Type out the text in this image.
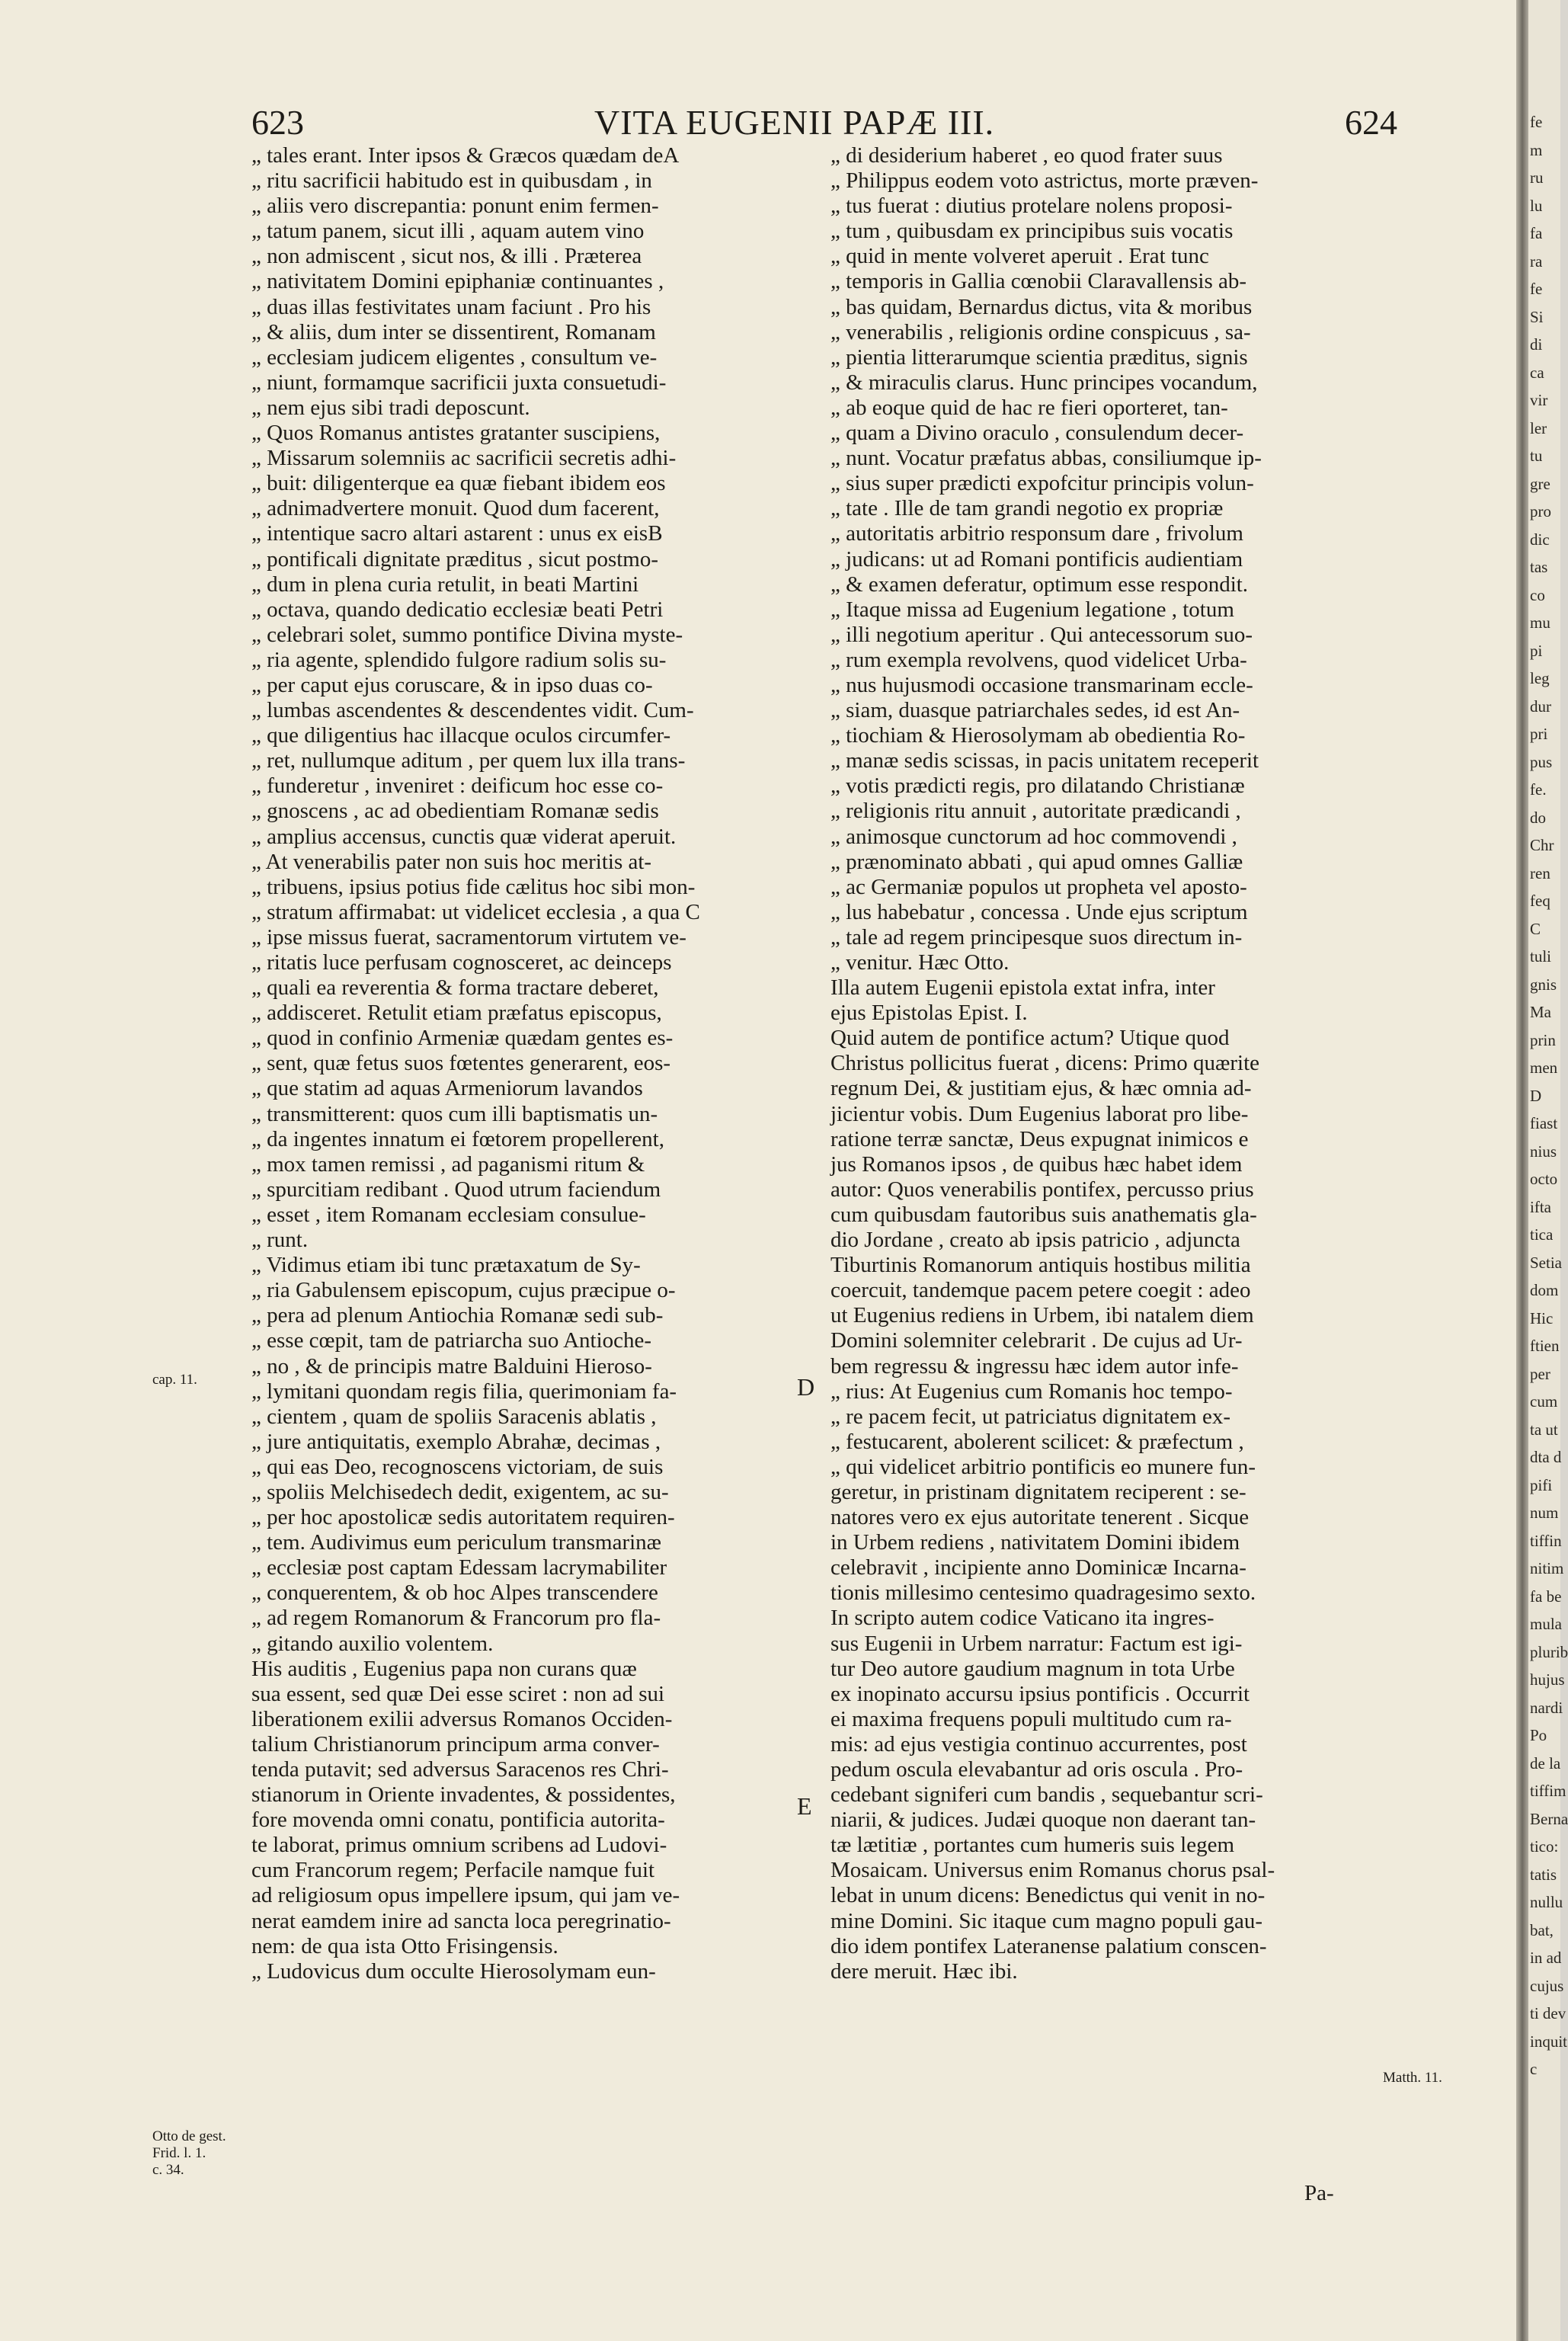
623	VITA EUGENII PAPÆ III.	624
„ tales erant. Inter ipsos & Græcos quædam deA
„ ritu sacrificii habitudo est in quibusdam , in
„ aliis vero discrepantia: ponunt enim fermen-
„ tatum panem, sicut illi , aquam autem vino
„ non admiscent , sicut nos, & illi . Præterea
„ nativitatem Domini epiphaniæ continuantes ,
„ duas illas festivitates unam faciunt . Pro his
„ & aliis, dum inter se dissentirent, Romanam
„ ecclesiam judicem eligentes , consultum ve-
„ niunt, formamque sacrificii juxta consuetudi-
„ nem ejus sibi tradi deposcunt.
„ Quos Romanus antistes gratanter suscipiens,
„ Missarum solemniis ac sacrificii secretis adhi-
„ buit: diligenterque ea quæ fiebant ibidem eos
„ adnimadvertere monuit. Quod dum facerent,
„ intentique sacro altari astarent : unus ex eisB
„ pontificali dignitate præditus , sicut postmo-
„ dum in plena curia retulit, in beati Martini
„ octava, quando dedicatio ecclesiæ beati Petri
„ celebrari solet, summo pontifice Divina myste-
„ ria agente, splendido fulgore radium solis su-
„ per caput ejus coruscare, & in ipso duas co-
„ lumbas ascendentes & descendentes vidit. Cum-
„ que diligentius hac illacque oculos circumfer-
„ ret, nullumque aditum , per quem lux illa trans-
„ funderetur , inveniret : deificum hoc esse co-
„ gnoscens , ac ad obedientiam Romanæ sedis
„ amplius accensus, cunctis quæ viderat aperuit.
„ At venerabilis pater non suis hoc meritis at-
„ tribuens, ipsius potius fide cælitus hoc sibi mon-
„ stratum affirmabat: ut videlicet ecclesia , a qua C
„ ipse missus fuerat, sacramentorum virtutem ve-
„ ritatis luce perfusam cognosceret, ac deinceps
„ quali ea reverentia & forma tractare deberet,
„ addisceret. Retulit etiam præfatus episcopus,
„ quod in confinio Armeniæ quædam gentes es-
„ sent, quæ fetus suos fœtentes generarent, eos-
„ que statim ad aquas Armeniorum lavandos
„ transmitterent: quos cum illi baptismatis un-
„ da ingentes innatum ei fœtorem propellerent,
„ mox tamen remissi , ad paganismi ritum &
„ spurcitiam redibant . Quod utrum faciendum
„ esset , item Romanam ecclesiam consulue-
„ runt.
„ Vidimus etiam ibi tunc prætaxatum de Sy-
„ ria Gabulensem episcopum, cujus præcipue o-
„ pera ad plenum Antiochia Romanæ sedi sub-
„ esse cœpit, tam de patriarcha suo Antioche-
„ no , & de principis matre Balduini Hieroso-
„ lymitani quondam regis filia, querimoniam fa-
„ cientem , quam de spoliis Saracenis ablatis ,
„ jure antiquitatis, exemplo Abrahæ, decimas ,
„ qui eas Deo, recognoscens victoriam, de suis
„ spoliis Melchisedech dedit, exigentem, ac su-
„ per hoc apostolicæ sedis autoritatem requiren-
„ tem. Audivimus eum periculum transmarinæ
„ ecclesiæ post captam Edessam lacrymabiliter
„ conquerentem, & ob hoc Alpes transcendere
„ ad regem Romanorum & Francorum pro fla-
„ gitando auxilio volentem.
His auditis , Eugenius papa non curans quæ
sua essent, sed quæ Dei esse sciret : non ad sui
liberationem exilii adversus Romanos Occiden-
talium Christianorum principum arma conver-
tenda putavit; sed adversus Saracenos res Chri-
stianorum in Oriente invadentes, & possidentes,
fore movenda omni conatu, pontificia autorita-
te laborat, primus omnium scribens ad Ludovi-
cum Francorum regem; Perfacile namque fuit
ad religiosum opus impellere ipsum, qui jam ve-
nerat eamdem inire ad sancta loca peregrinatio-
nem: de qua ista Otto Frisingensis.
„ Ludovicus dum occulte Hierosolymam eun-
„ di desiderium haberet , eo quod frater suus
„ Philippus eodem voto astrictus, morte præven-
„ tus fuerat : diutius protelare nolens proposi-
„ tum , quibusdam ex principibus suis vocatis
„ quid in mente volveret aperuit . Erat tunc
„ temporis in Gallia cœnobii Claravallensis ab-
„ bas quidam, Bernardus dictus, vita & moribus
„ venerabilis , religionis ordine conspicuus , sa-
„ pientia litterarumque scientia præditus, signis
„ & miraculis clarus. Hunc principes vocandum,
„ ab eoque quid de hac re fieri oporteret, tan-
„ quam a Divino oraculo , consulendum decer-
„ nunt. Vocatur præfatus abbas, consiliumque ip-
„ sius super prædicti expofcitur principis volun-
„ tate . Ille de tam grandi negotio ex propriæ
„ autoritatis arbitrio responsum dare , frivolum
„ judicans: ut ad Romani pontificis audientiam
„ & examen deferatur, optimum esse respondit.
„ Itaque missa ad Eugenium legatione , totum
„ illi negotium aperitur . Qui antecessorum suo-
„ rum exempla revolvens, quod videlicet Urba-
„ nus hujusmodi occasione transmarinam eccle-
„ siam, duasque patriarchales sedes, id est An-
„ tiochiam & Hierosolymam ab obedientia Ro-
„ manæ sedis scissas, in pacis unitatem receperit
„ votis prædicti regis, pro dilatando Christianæ
„ religionis ritu annuit , autoritate prædicandi ,
„ animosque cunctorum ad hoc commovendi ,
„ prænominato abbati , qui apud omnes Galliæ
„ ac Germaniæ populos ut propheta vel aposto-
„ lus habebatur , concessa . Unde ejus scriptum
„ tale ad regem principesque suos directum in-
„ venitur. Hæc Otto.
Illa autem Eugenii epistola extat infra, inter
ejus Epistolas Epist. I.
Quid autem de pontifice actum? Utique quod
Christus pollicitus fuerat , dicens: Primo quærite
regnum Dei, & justitiam ejus, & hæc omnia ad-
jicientur vobis. Dum Eugenius laborat pro libe-
ratione terræ sanctæ, Deus expugnat inimicos e
jus Romanos ipsos , de quibus hæc habet idem
autor: Quos venerabilis pontifex, percusso prius
cum quibusdam fautoribus suis anathematis gla-
dio Jordane , creato ab ipsis patricio , adjuncta
Tiburtinis Romanorum antiquis hostibus militia
coercuit, tandemque pacem petere coegit : adeo
ut Eugenius rediens in Urbem, ibi natalem diem
Domini solemniter celebrarit . De cujus ad Ur-
bem regressu & ingressu hæc idem autor infe-
„ rius: At Eugenius cum Romanis hoc tempo-
„ re pacem fecit, ut patriciatus dignitatem ex-
„ festucarent, abolerent scilicet: & præfectum ,
„ qui videlicet arbitrio pontificis eo munere fun-
geretur, in pristinam dignitatem reciperent : se-
natores vero ex ejus autoritate tenerent . Sicque
in Urbem rediens , nativitatem Domini ibidem
celebravit , incipiente anno Dominicæ Incarna-
tionis millesimo centesimo quadragesimo sexto.
In scripto autem codice Vaticano ita ingres-
sus Eugenii in Urbem narratur: Factum est igi-
tur Deo autore gaudium magnum in tota Urbe
ex inopinato accursu ipsius pontificis . Occurrit
ei maxima frequens populi multitudo cum ra-
mis: ad ejus vestigia continuo accurrentes, post
pedum oscula elevabantur ad oris oscula . Pro-
cedebant signiferi cum bandis , sequebantur scri-
niarii, & judices. Judæi quoque non daerant tan-
tæ lætitiæ , portantes cum humeris suis legem
Mosaicam. Universus enim Romanus chorus psal-
lebat in unum dicens: Benedictus qui venit in no-
mine Domini. Sic itaque cum magno populi gau-
dio idem pontifex Lateranense palatium conscen-
dere meruit. Hæc ibi.
D
E
cap. 11.
Otto de gest.
Frid. l. 1.
c. 34.
Matth. 11.
Pa-
fe
m
ru
lu
fa
ra
fe
Si
di
ca
vir
ler
tu
gre
pro
dic
tas
co
mu
pi
leg
dur
pri
pus
fe.
do
Chr
ren
feq
C
tuli
gnis
Ma
prin
men
D
fiast
nius
octo
ifta
tica
Setia
dom
Hic
ftien
per
cum
ta ut
dta d
pifi
num
tiffin
nitim
fa be
mula
plurib
hujus
nardi
Po
de la
tiffim
Berna
tico:
tatis
nullu
bat,
in ad
cujus
ti dev
inquit
c
